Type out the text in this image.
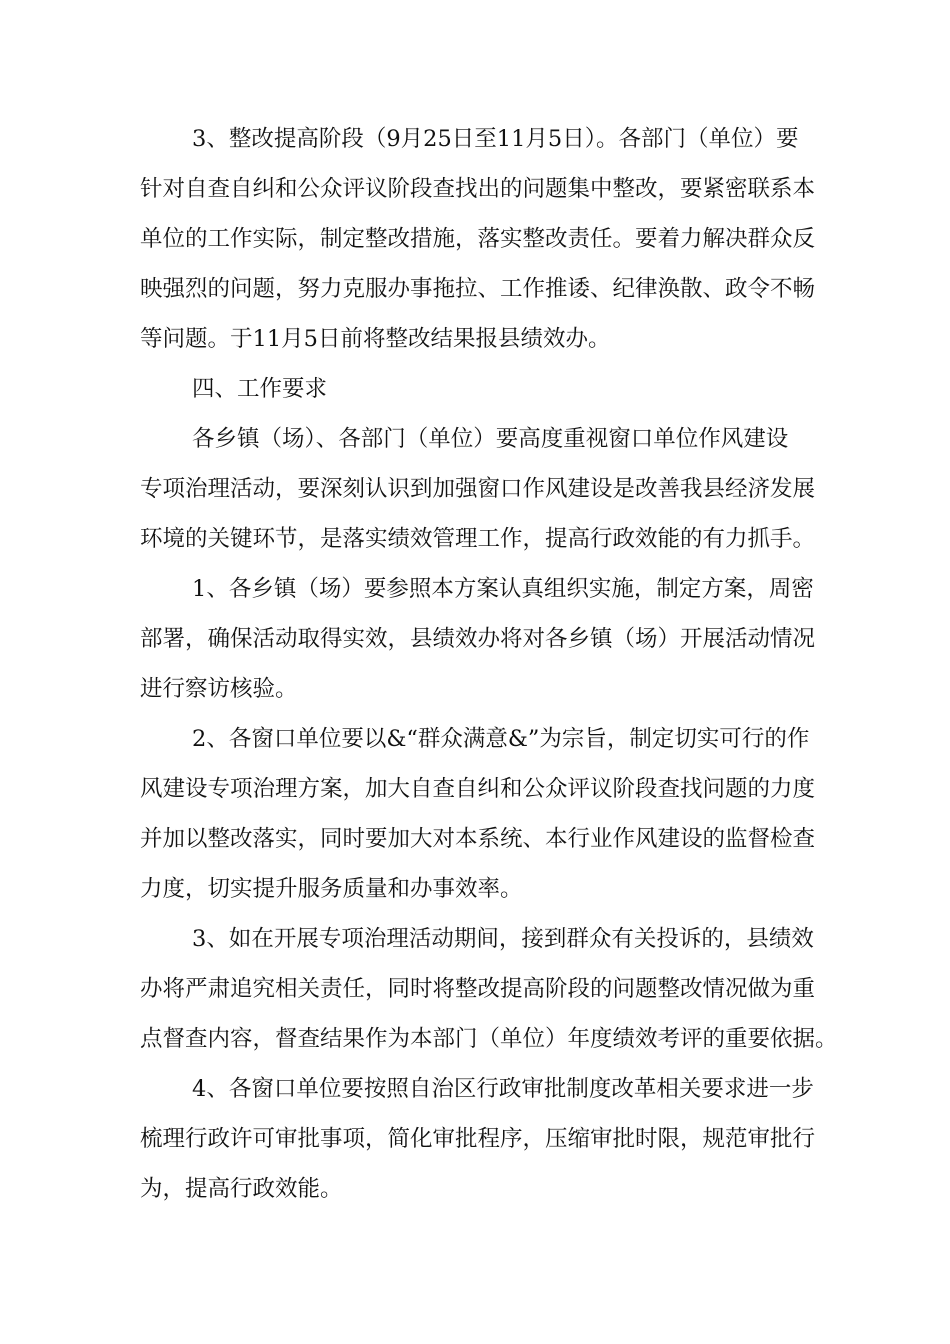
3、整改提高阶段（9月25日至11月5日）。各部门（单位）要
针对自查自纠和公众评议阶段查找出的问题集中整改，要紧密联系本
单位的工作实际，制定整改措施，落实整改责任。要着力解决群众反
映强烈的问题，努力克服办事拖拉、工作推诿、纪律涣散、政令不畅
等问题。于11月5日前将整改结果报县绩效办。
四、工作要求
各乡镇（场）、各部门（单位）要高度重视窗口单位作风建设
专项治理活动，要深刻认识到加强窗口作风建设是改善我县经济发展
环境的关键环节，是落实绩效管理工作，提高行政效能的有力抓手。
1、各乡镇（场）要参照本方案认真组织实施，制定方案，周密
部署，确保活动取得实效，县绩效办将对各乡镇（场）开展活动情况
进行察访核验。
2、各窗口单位要以&“群众满意&”为宗旨，制定切实可行的作
风建设专项治理方案，加大自查自纠和公众评议阶段查找问题的力度
并加以整改落实，同时要加大对本系统、本行业作风建设的监督检查
力度，切实提升服务质量和办事效率。
3、如在开展专项治理活动期间，接到群众有关投诉的，县绩效
办将严肃追究相关责任，同时将整改提高阶段的问题整改情况做为重
点督查内容，督查结果作为本部门（单位）年度绩效考评的重要依据。
4、各窗口单位要按照自治区行政审批制度改革相关要求进一步
梳理行政许可审批事项，简化审批程序，压缩审批时限，规范审批行
为，提高行政效能。
